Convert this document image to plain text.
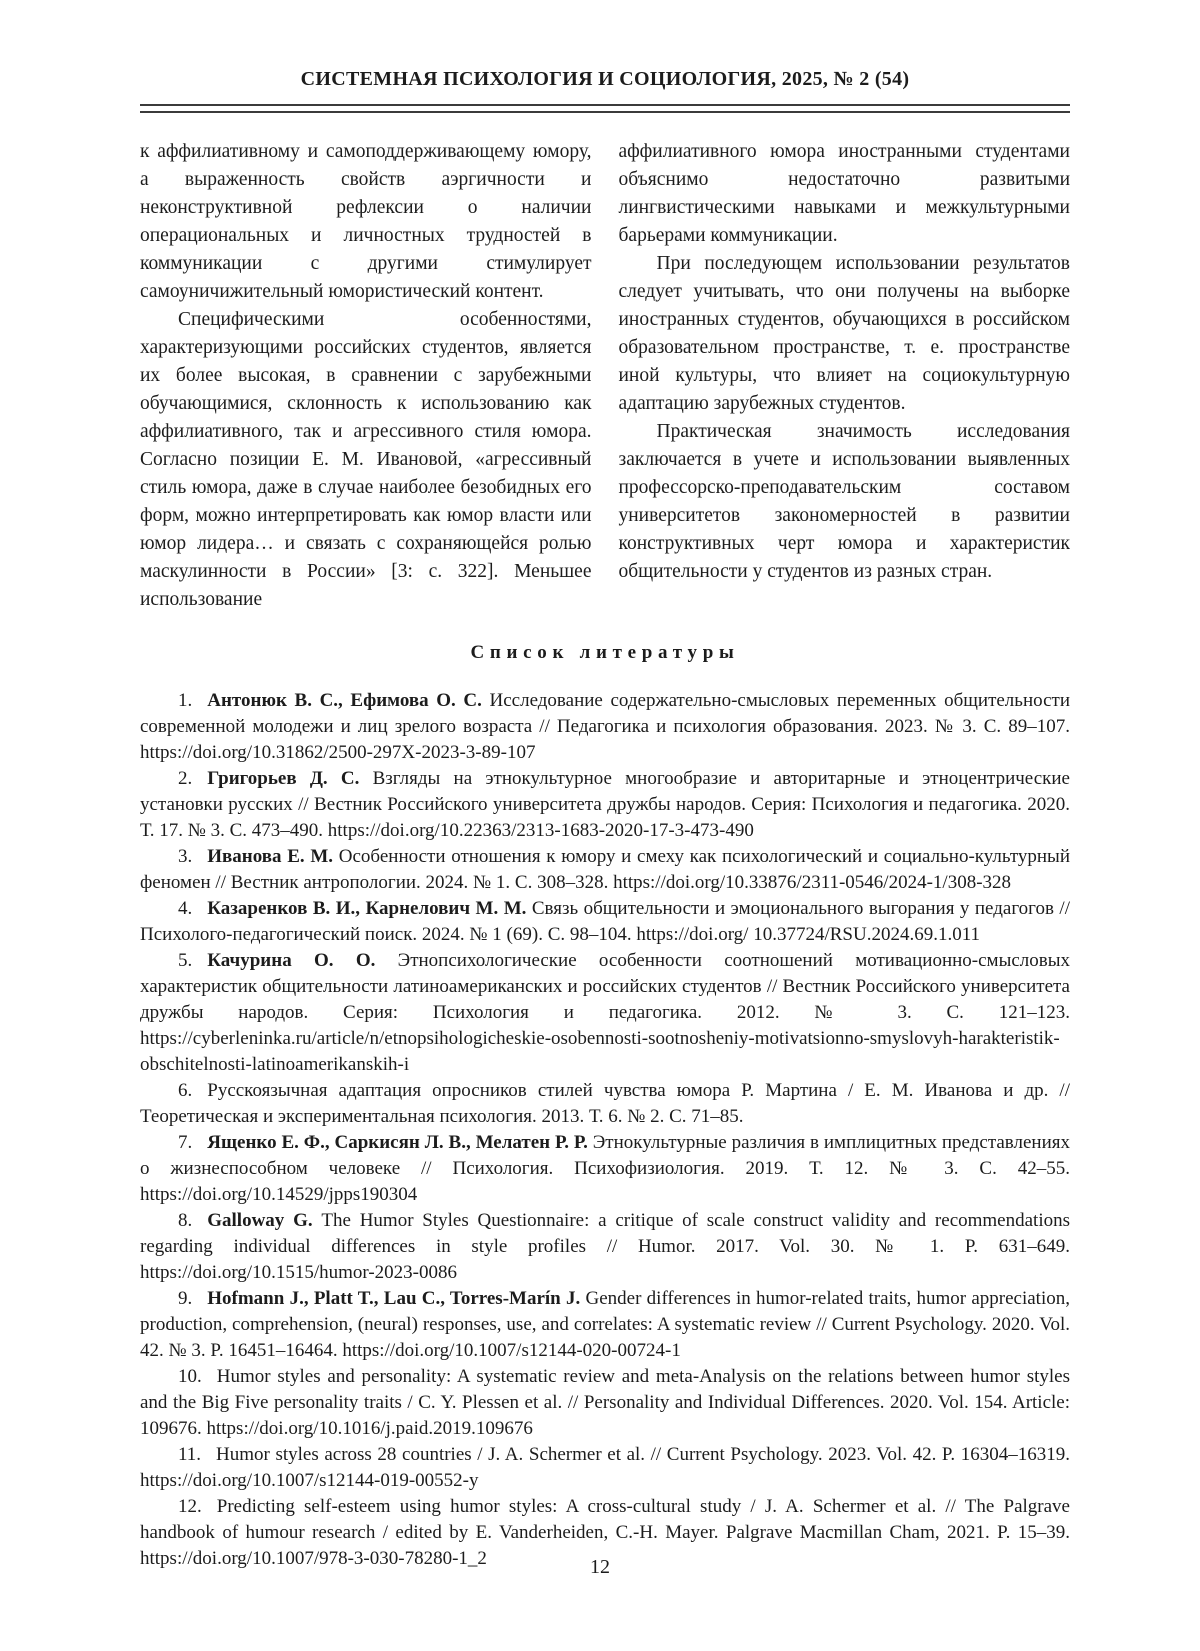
СИСТЕМНАЯ ПСИХОЛОГИЯ И СОЦИОЛОГИЯ, 2025, № 2 (54)

к аффилиативному и самоподдерживающему юмору, а выраженность свойств аэргичности и неконструктивной рефлексии о наличии операциональных и личностных трудностей в коммуникации с другими стимулирует самоуничижительный юмористический контент.

Специфическими особенностями, характеризующими российских студентов, является их более высокая, в сравнении с зарубежными обучающимися, склонность к использованию как аффилиативного, так и агрессивного стиля юмора. Согласно позиции Е. М. Ивановой, «агрессивный стиль юмора, даже в случае наиболее безобидных его форм, можно интерпретировать как юмор власти или юмор лидера… и связать с сохраняющейся ролью маскулинности в России» [3: с. 322]. Меньшее использование

аффилиативного юмора иностранными студентами объяснимо недостаточно развитыми лингвистическими навыками и межкультурными барьерами коммуникации.

При последующем использовании результатов следует учитывать, что они получены на выборке иностранных студентов, обучающихся в российском образовательном пространстве, т. е. пространстве иной культуры, что влияет на социокультурную адаптацию зарубежных студентов.

Практическая значимость исследования заключается в учете и использовании выявленных профессорско-преподавательским составом университетов закономерностей в развитии конструктивных черт юмора и характеристик общительности у студентов из разных стран.

Список литературы

1. Антонюк В. С., Ефимова О. С. Исследование содержательно-смысловых переменных общительности современной молодежи и лиц зрелого возраста // Педагогика и психология образования. 2023. № 3. С. 89–107. https://doi.org/10.31862/2500-297X-2023-3-89-107

2. Григорьев Д. С. Взгляды на этнокультурное многообразие и авторитарные и этноцентрические установки русских // Вестник Российского университета дружбы народов. Серия: Психология и педагогика. 2020. Т. 17. № 3. С. 473–490. https://doi.org/10.22363/2313-1683-2020-17-3-473-490

3. Иванова Е. М. Особенности отношения к юмору и смеху как психологический и социально-культурный феномен // Вестник антропологии. 2024. № 1. С. 308–328. https://doi.org/10.33876/2311-0546/2024-1/308-328

4. Казаренков В. И., Карнелович М. М. Связь общительности и эмоционального выгорания у педагогов // Психолого-педагогический поиск. 2024. № 1 (69). С. 98–104. https://doi.org/ 10.37724/RSU.2024.69.1.011

5. Качурина О. О. Этнопсихологические особенности соотношений мотивационно-смысловых характеристик общительности латиноамериканских и российских студентов // Вестник Российского университета дружбы народов. Серия: Психология и педагогика. 2012. № 3. С. 121–123. https://cyberleninka.ru/article/n/etnopsihologicheskie-osobennosti-sootnosheniy-motivatsionno-smyslovyh-harakteristik-obschitelnosti-latinoamerikanskih-i

6. Русскоязычная адаптация опросников стилей чувства юмора Р. Мартина / Е. М. Иванова и др. // Теоретическая и экспериментальная психология. 2013. Т. 6. № 2. С. 71–85.

7. Ященко Е. Ф., Саркисян Л. В., Мелатен Р. Р. Этнокультурные различия в имплицитных представлениях о жизнеспособном человеке // Психология. Психофизиология. 2019. Т. 12. № 3. С. 42–55. https://doi.org/10.14529/jpps190304

8. Galloway G. The Humor Styles Questionnaire: a critique of scale construct validity and recommendations regarding individual differences in style profiles // Humor. 2017. Vol. 30. № 1. P. 631–649. https://doi.org/10.1515/humor-2023-0086

9. Hofmann J., Platt T., Lau C., Torres-Marín J. Gender differences in humor-related traits, humor appreciation, production, comprehension, (neural) responses, use, and correlates: A systematic review // Current Psychology. 2020. Vol. 42. № 3. P. 16451–16464. https://doi.org/10.1007/s12144-020-00724-1

10. Humor styles and personality: A systematic review and meta-Analysis on the relations between humor styles and the Big Five personality traits / C. Y. Plessen et al. // Personality and Individual Differences. 2020. Vol. 154. Article: 109676. https://doi.org/10.1016/j.paid.2019.109676

11. Humor styles across 28 countries / J. A. Schermer et al. // Current Psychology. 2023. Vol. 42. P. 16304–16319. https://doi.org/10.1007/s12144-019-00552-y

12. Predicting self-esteem using humor styles: A cross-cultural study / J. A. Schermer et al. // The Palgrave handbook of humour research / edited by E. Vanderheiden, C.-H. Mayer. Palgrave Macmillan Cham, 2021. P. 15–39. https://doi.org/10.1007/978-3-030-78280-1_2	12
